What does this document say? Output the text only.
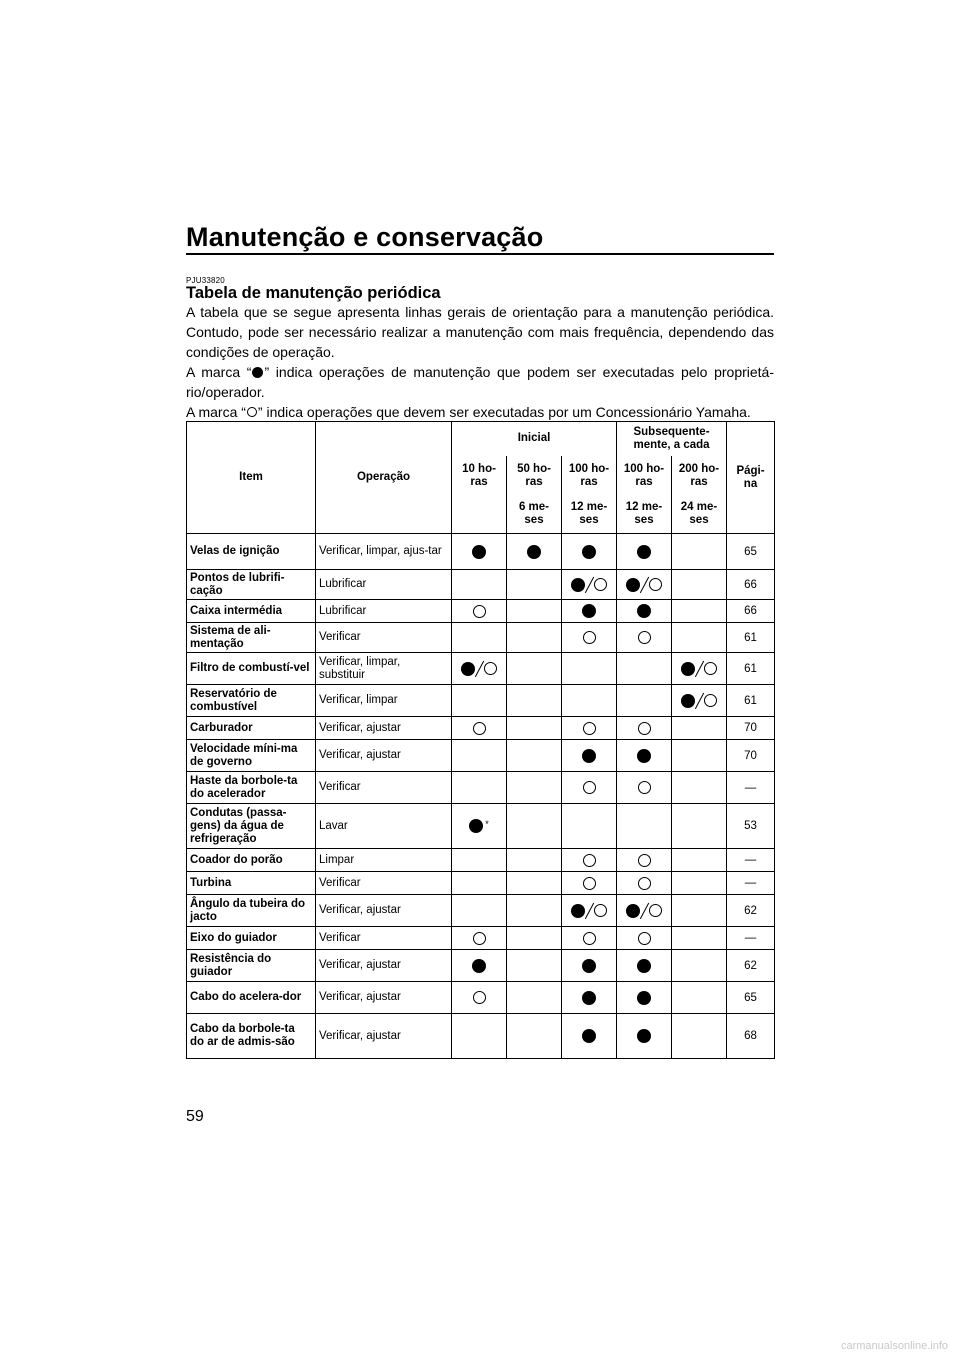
Manutenção e conservação
PJU33820
Tabela de manutenção periódica

A tabela que se segue apresenta linhas gerais de orientação para a manutenção periódica. Contudo, pode ser necessário realizar a manutenção com mais frequência, dependendo das condições de operação.

A marca “ ” indica operações de manutenção que podem ser executadas pelo proprietá-rio/operador.

A marca “ ” indica operações que devem ser executadas por um Concessionário Yamaha.

Item	Operação	Inicial			Subsequente-mente, a cada		Pági-na
		10 ho-ras	50 ho-ras	100 ho-ras	100 ho-ras	200 ho-ras	
			6 me-ses	12 me-ses	12 me-ses	24 me-ses	
Velas de ignição	Verificar, limpar, ajus-tar						65
Pontos de lubrifi-cação	Lubrificar						66
Caixa intermédia	Lubrificar						66
Sistema de ali-mentação	Verificar						61
Filtro de combustí-vel	Verificar, limpar, substituir						61
Reservatório de combustível	Verificar, limpar						61
Carburador	Verificar, ajustar						70
Velocidade míni-ma de governo	Verificar, ajustar						70
Haste da borbole-ta do acelerador	Verificar						—
Condutas (passa-gens) da água de refrigeração	Lavar	*					53
Coador do porão	Limpar						—
Turbina	Verificar						—
Ângulo da tubeira do jacto	Verificar, ajustar						62
Eixo do guiador	Verificar						—
Resistência do guiador	Verificar, ajustar						62
Cabo do acelera-dor	Verificar, ajustar						65
Cabo da borbole-ta do ar de admis-são	Verificar, ajustar						68
59
carmanualsonline.info
